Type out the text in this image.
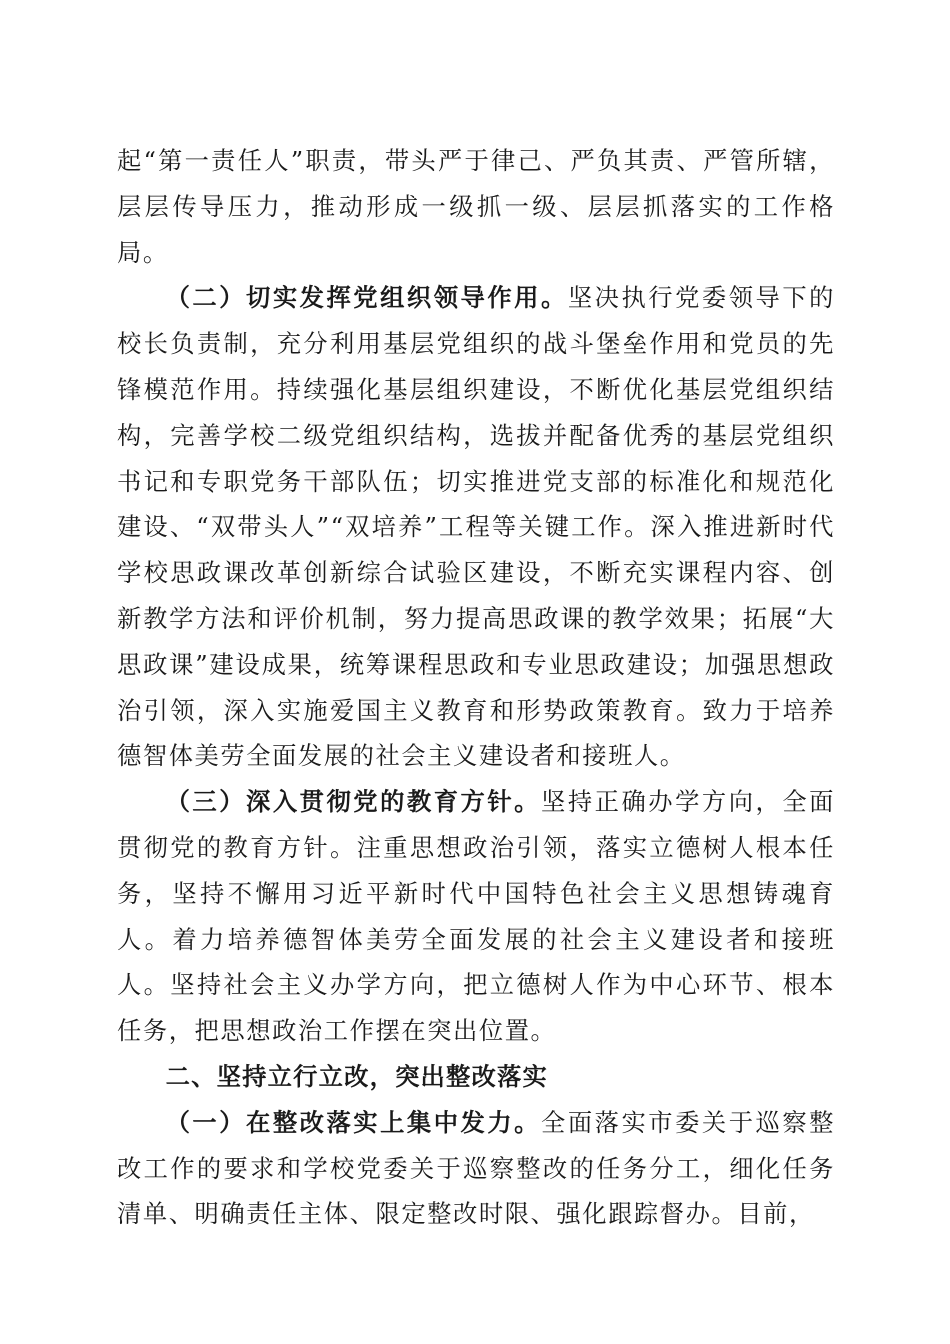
起“第一责任人”职责，带头严于律己、严负其责、严管所辖，层层传导压力，推动形成一级抓一级、层层抓落实的工作格局。

（二）切实发挥党组织领导作用。坚决执行党委领导下的校长负责制，充分利用基层党组织的战斗堡垒作用和党员的先锋模范作用。持续强化基层组织建设，不断优化基层党组织结构，完善学校二级党组织结构，选拔并配备优秀的基层党组织书记和专职党务干部队伍；切实推进党支部的标准化和规范化建设、“双带头人”“双培养”工程等关键工作。深入推进新时代学校思政课改革创新综合试验区建设，不断充实课程内容、创新教学方法和评价机制，努力提高思政课的教学效果；拓展“大思政课”建设成果，统筹课程思政和专业思政建设；加强思想政治引领，深入实施爱国主义教育和形势政策教育。致力于培养德智体美劳全面发展的社会主义建设者和接班人。

（三）深入贯彻党的教育方针。坚持正确办学方向，全面贯彻党的教育方针。注重思想政治引领，落实立德树人根本任务，坚持不懈用习近平新时代中国特色社会主义思想铸魂育人。着力培养德智体美劳全面发展的社会主义建设者和接班人。坚持社会主义办学方向，把立德树人作为中心环节、根本任务，把思想政治工作摆在突出位置。

二、坚持立行立改，突出整改落实

（一）在整改落实上集中发力。全面落实市委关于巡察整改工作的要求和学校党委关于巡察整改的任务分工，细化任务清单、明确责任主体、限定整改时限、强化跟踪督办。目前，
